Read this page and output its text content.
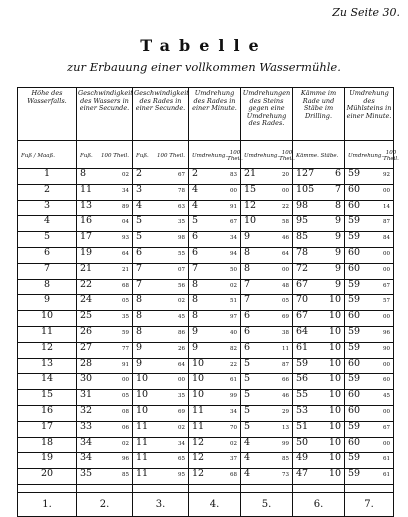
Zu Seite 30.
Tabelle
zur Erbauung einer vollkommen Wassermühle.
Höhe des Wasserfalls.	Geschwindigkeit des Wassers in einer Secunde.	Geschwindigkeit des Rades in einer Secunde.	Umdrehung des Rades in einer Minute.	Umdrehungen des Steins gegen eine Umdrehung des Rades.	Kämme im Rade und Stäbe im Drilling.	Umdrehung des Mühlsteins in einer Minute.

Fuß / Maaß.	Fuß. 100 Theil.	Fuß. 100 Theil.	Umdrehung. 100 Theil.	Umdrehung. 100 Theil.	Kämme. Stäbe.	Umdrehung. 100 Theil.

1	8 02	2 67	2 83	21 20	127 6	59 92

2	11 34	3 78	4 00	15 00	105 7	60 00

3	13 89	4 63	4 91	12 22	98 8	60 14

4	16 04	5 35	5 67	10 58	95 9	59 87

5	17 93	5 98	6 34	9 46	85 9	59 84

6	19 64	6 55	6 94	8 64	78 9	60 00

7	21 21	7 07	7 50	8 00	72 9	60 00

8	22 68	7 56	8 02	7 48	67 9	59 67

9	24 05	8 02	8 51	7 05	70 10	59 57

10	25 35	8 45	8 97	6 69	67 10	60 00

11	26 59	8 86	9 40	6 38	64 10	59 96

12	27 77	9 26	9 82	6 11	61 10	59 90

13	28 91	9 64	10 22	5 87	59 10	60 00

14	30 00	10 00	10 61	5 66	56 10	59 60

15	31 05	10 35	10 99	5 46	55 10	60 45

16	32 08	10 69	11 34	5 29	53 10	60 00

17	33 06	11 02	11 70	5 13	51 10	59 67

18	34 02	11 34	12 02	4 99	50 10	60 00

19	34 96	11 65	12 37	4 85	49 10	59 61

20	35 85	11 95	12 68	4 73	47 10	59 61

1.	2.	3.	4.	5.	6.	7.
